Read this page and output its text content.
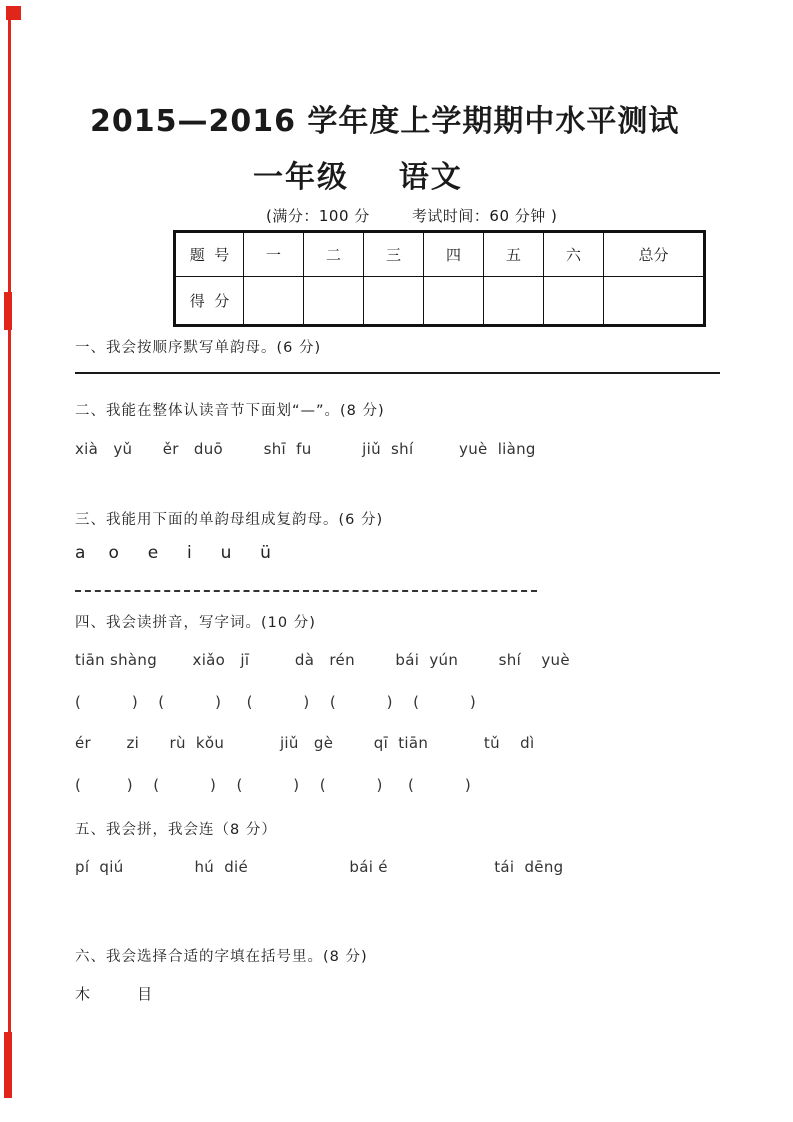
2015—2016 学年度上学期期中水平测试
一年级    语文
(满分：100 分        考试时间：60 分钟 )
题  号	一	二	三	四	五	六	总分
得  分							
一、我会按顺序默写单韵母。(6 分)
二、我能在整体认读音节下面划“—”。(8 分)
xià   yǔ      ěr   duō        shī  fu          jiǔ  shí         yuè  liàng
三、我能用下面的单韵母组成复韵母。(6 分)
a    o     e     i     u     ü
四、我会读拼音，写字词。(10 分)
tiān shàng       xiǎo   jī         dà   rén        bái  yún        shí    yuè
(          )    (          )     (          )    (          )    (          )
ér       zi      rù  kǒu           jiǔ   gè        qī  tiān           tǔ    dì
(         )    (          )    (          )    (          )     (          )
五、我会拼，我会连（8 分）
pí  qiú              hú  dié                    bái é                     tái  dēng
六、我会选择合适的字填在括号里。(8 分)
木        目
